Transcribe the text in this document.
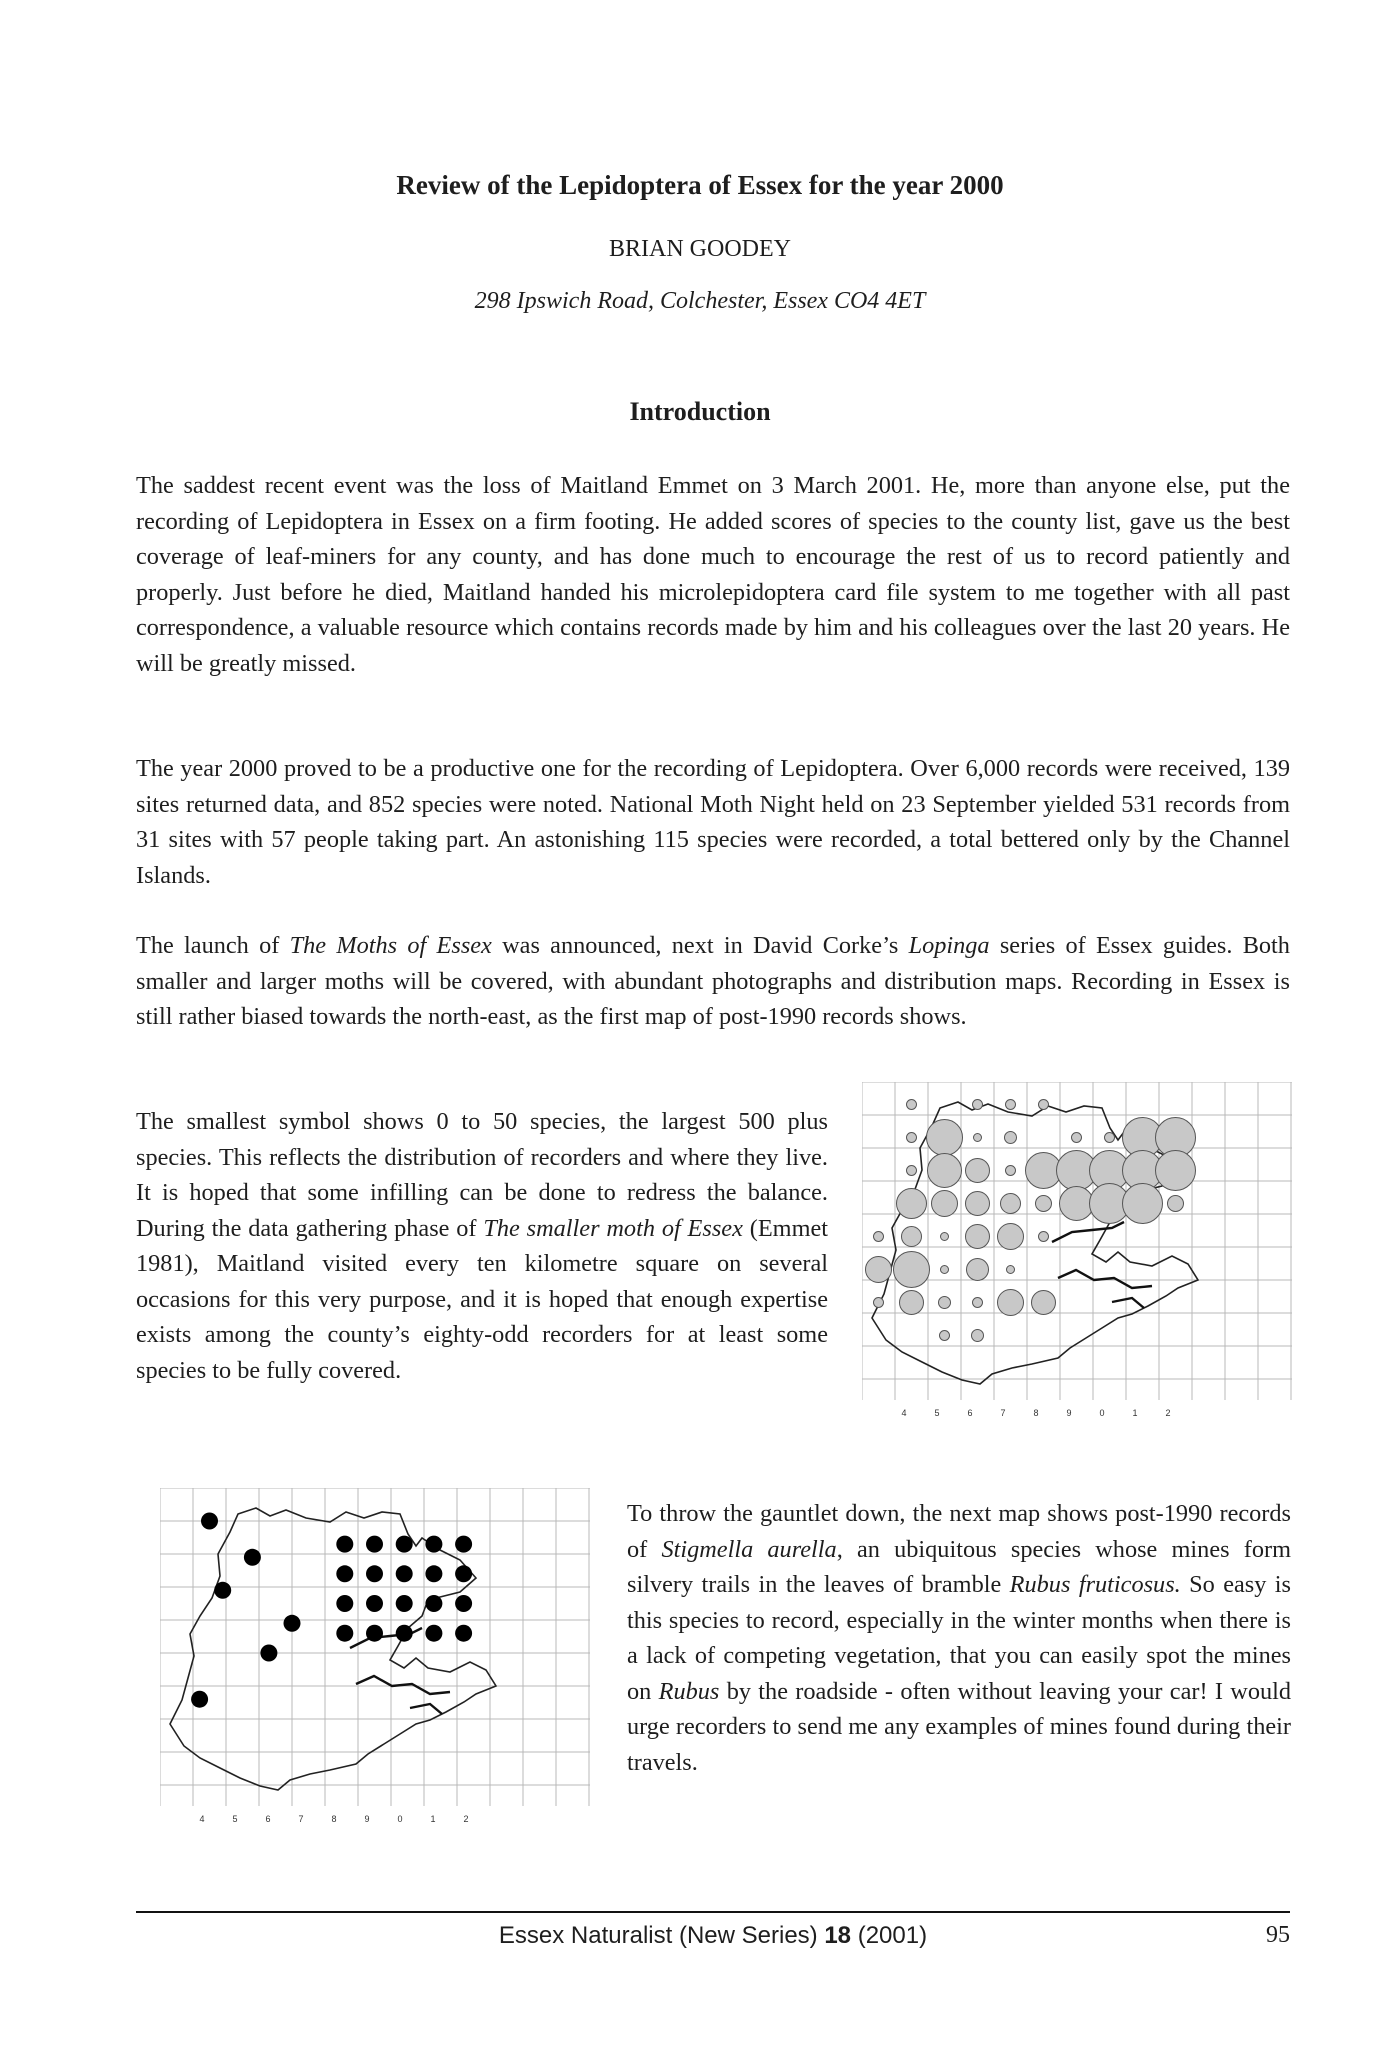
Review of the Lepidoptera of Essex for the year 2000
BRIAN GOODEY
298 Ipswich Road, Colchester, Essex CO4 4ET
Introduction

The saddest recent event was the loss of Maitland Emmet on 3 March 2001. He, more than anyone else, put the recording of Lepidoptera in Essex on a firm footing. He added scores of species to the county list, gave us the best coverage of leaf-miners for any county, and has done much to encourage the rest of us to record patiently and properly. Just before he died, Maitland handed his microlepidoptera card file system to me together with all past correspondence, a valuable resource which contains records made by him and his colleagues over the last 20 years. He will be greatly missed.

The year 2000 proved to be a productive one for the recording of Lepidoptera. Over 6,000 records were received, 139 sites returned data, and 852 species were noted. National Moth Night held on 23 September yielded 531 records from 31 sites with 57 people taking part. An astonishing 115 species were recorded, a total bettered only by the Channel Islands.

The launch of The Moths of Essex was announced, next in David Corke’s Lopinga series of Essex guides. Both smaller and larger moths will be covered, with abundant photographs and distribution maps. Recording in Essex is still rather biased towards the north-east, as the first map of post-1990 records shows.

The smallest symbol shows 0 to 50 species, the largest 500 plus species. This reflects the distribution of recorders and where they live. It is hoped that some infilling can be done to redress the balance. During the data gathering phase of The smaller moth of Essex (Emmet 1981), Maitland visited every ten kilometre square on several occasions for this very purpose, and it is hoped that enough expertise exists among the county’s eighty-odd recorders for at least some species to be fully covered.

To throw the gauntlet down, the next map shows post-1990 records of Stigmella aurella, an ubiquitous species whose mines form silvery trails in the leaves of bramble Rubus fruticosus. So easy is this species to record, especially in the winter months when there is a lack of competing vegetation, that you can easily spot the mines on Rubus by the roadside - often without leaving your car! I would urge recorders to send me any examples of mines found during their travels.

4	5	6	7	8	9	0	1	2
4	5	6	7	8	9	0	1	2
Essex Naturalist (New Series) 18 (2001)	95
